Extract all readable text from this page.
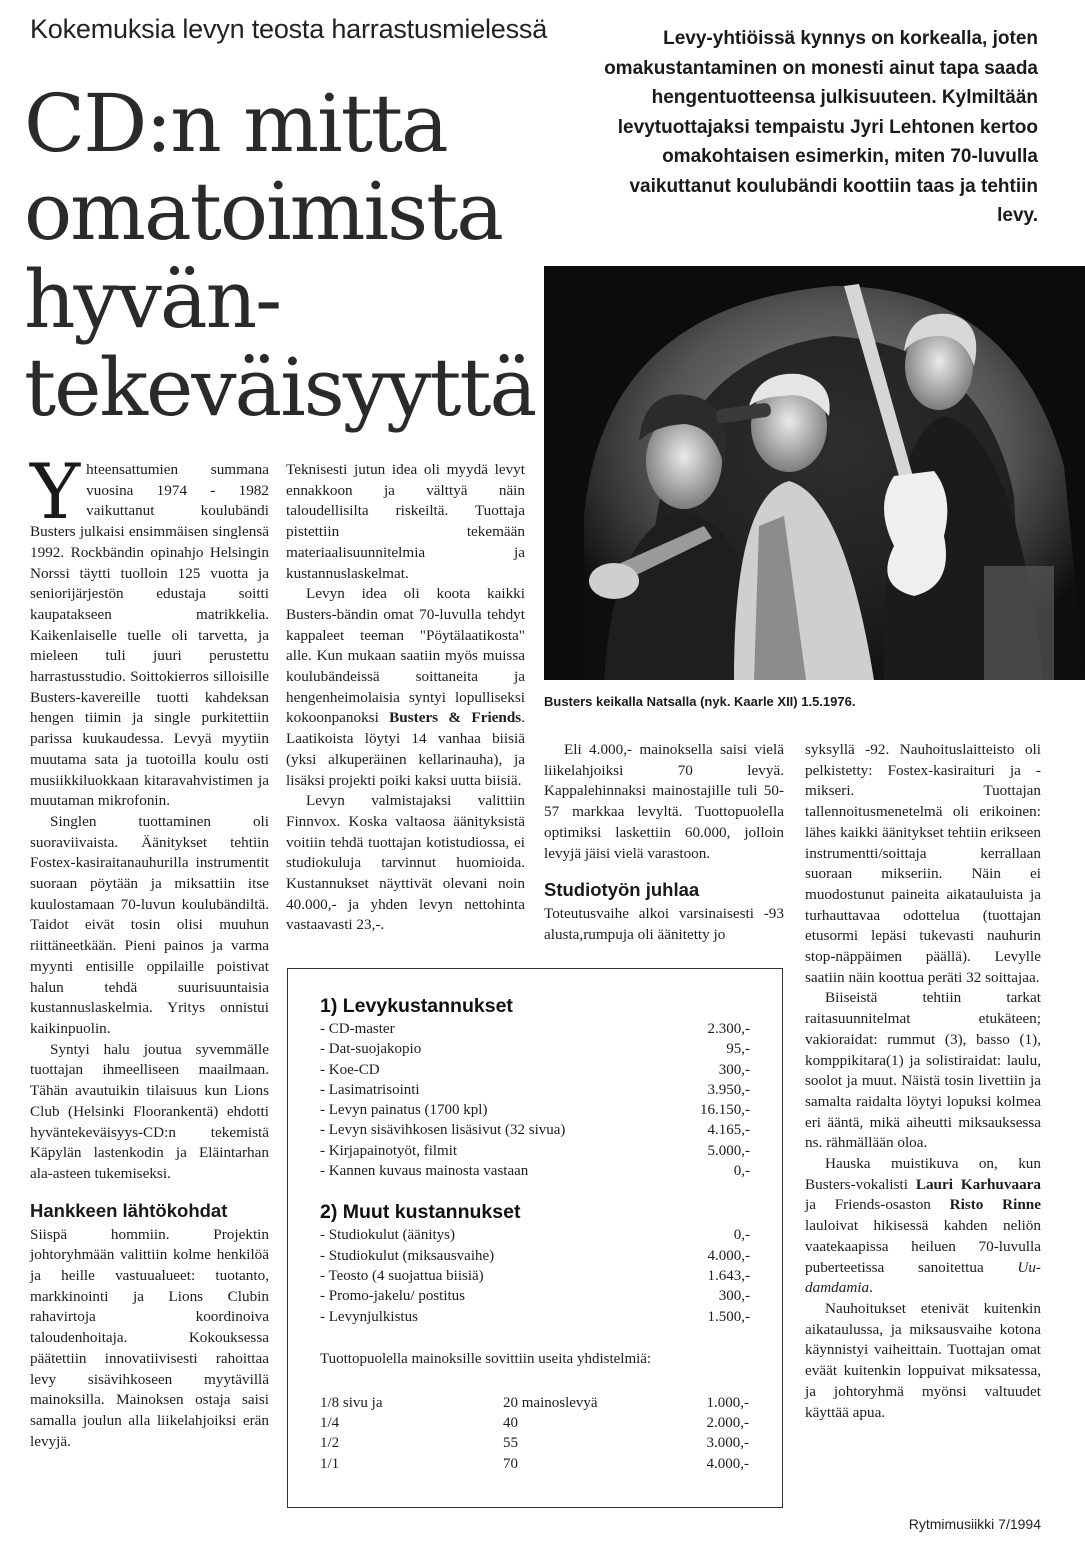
Kokemuksia levyn teosta harrastusmielessä
CD:n mitta
omatoimista
hyvän-
tekeväisyyttä
Levy-yhtiöissä kynnys on korkealla, joten omakustantaminen on monesti ainut tapa saada hengentuotteensa julkisuuteen. Kylmiltään levytuottajaksi tempaistu Jyri Lehtonen kertoo omakohtaisen esimerkin, miten 70-luvulla vaikuttanut koulubändi koottiin taas ja tehtiin levy.
Busters keikalla Natsalla (nyk. Kaarle XII) 1.5.1976.

Yhteensattumien summana vuosina 1974 - 1982 vaikuttanut koulubändi Busters julkaisi ensimmäisen singlensä 1992. Rockbändin opinahjo Helsingin Norssi täytti tuolloin 125 vuotta ja seniorijärjestön edustaja soitti kaupatakseen matrikkelia. Kaikenlaiselle tuelle oli tarvetta, ja mieleen tuli juuri perustettu harrastusstudio. Soittokierros silloisille Busters-kavereille tuotti kahdeksan hengen tiimin ja single purkitettiin parissa kuukaudessa. Levyä myytiin muutama sata ja tuotoilla koulu osti musiikkiluokkaan kitaravahvistimen ja muutaman mikrofonin.

Singlen tuottaminen oli suoraviivaista. Äänitykset tehtiin Fostex-kasiraitanauhurilla instrumentit suoraan pöytään ja miksattiin itse kuulostamaan 70-luvun koulubändiltä. Taidot eivät tosin olisi muuhun riittäneetkään. Pieni painos ja varma myynti entisille oppilaille poistivat halun tehdä suurisuuntaisia kustannuslaskelmia. Yritys onnistui kaikinpuolin.

Syntyi halu joutua syvemmälle tuottajan ihmeelliseen maailmaan. Tähän avautuikin tilaisuus kun Lions Club (Helsinki Floorankentä) ehdotti hyväntekeväisyys-CD:n tekemistä Käpylän lastenkodin ja Eläintarhan ala-asteen tukemiseksi.

Hankkeen lähtökohdat

Siispä hommiin. Projektin johtoryhmään valittiin kolme henkilöä ja heille vastuualueet: tuotanto, markkinointi ja Lions Clubin rahavirtoja koordinoiva taloudenhoitaja. Kokouksessa päätettiin innovatiivisesti rahoittaa levy sisävihkoseen myytävillä mainoksilla. Mainoksen ostaja saisi samalla joulun alla liikelahjoiksi erän levyjä.

Teknisesti jutun idea oli myydä levyt ennakkoon ja välttyä näin taloudellisilta riskeiltä. Tuottaja pistettiin tekemään materiaalisuunnitelmia ja kustannuslaskelmat.

Levyn idea oli koota kaikki Busters-bändin omat 70-luvulla tehdyt kappaleet teeman "Pöytälaatikosta" alle. Kun mukaan saatiin myös muissa koulubändeissä soittaneita ja hengenheimolaisia syntyi lopulliseksi kokoonpanoksi Busters & Friends. Laatikoista löytyi 14 vanhaa biisiä (yksi alkuperäinen kellarinauha), ja lisäksi projekti poiki kaksi uutta biisiä.

Levyn valmistajaksi valittiin Finnvox. Koska valtaosa äänityksistä voitiin tehdä tuottajan kotistudiossa, ei studiokuluja tarvinnut huomioida. Kustannukset näyttivät olevani noin 40.000,- ja yhden levyn nettohinta vastaavasti 23,-.

Eli 4.000,- mainoksella saisi vielä liikelahjoiksi 70 levyä. Kappalehinnaksi mainostajille tuli 50-57 markkaa levyltä. Tuottopuolella optimiksi laskettiin 60.000, jolloin levyjä jäisi vielä varastoon.

Studiotyön juhlaa

Toteutusvaihe alkoi varsinaisesti -93 alusta,rumpuja oli äänitetty jo

syksyllä -92. Nauhoituslaitteisto oli pelkistetty: Fostex-kasiraituri ja -mikseri. Tuottajan tallennoitusmenetelmä oli erikoinen: lähes kaikki äänitykset tehtiin erikseen instrumentti/soittaja kerrallaan suoraan mikseriin. Näin ei muodostunut paineita aikatauluista ja turhauttavaa odottelua (tuottajan etusormi lepäsi tukevasti nauhurin stop-näppäimen päällä). Levylle saatiin näin koottua peräti 32 soittajaa.

Biiseistä tehtiin tarkat raitasuunnitelmat etukäteen; vakioraidat: rummut (3), basso (1), komppikitara(1) ja solistiraidat: laulu, soolot ja muut. Näistä tosin livettiin ja samalta raidalta löytyi lopuksi kolmea eri ääntä, mikä aiheutti miksauksessa ns. rähmällään oloa.

Hauska muistikuva on, kun Busters-vokalisti Lauri Karhuvaara ja Friends-osaston Risto Rinne lauloivat hikisessä kahden neliön vaatekaapissa heiluen 70-luvulla puberteetissa sanoitettua Uu-damdamia.

Nauhoitukset etenivät kuitenkin aikataulussa, ja miksausvaihe kotona käynnistyi vaiheittain. Tuottajan omat eväät kuitenkin loppuivat miksatessa, ja johtoryhmä myönsi valtuudet käyttää apua.

1) Levykustannukset
- CD-master	2.300,-
- Dat-suojakopio	95,-
- Koe-CD	300,-
- Lasimatrisointi	3.950,-
- Levyn painatus (1700 kpl)	16.150,-
- Levyn sisävihkosen lisäsivut (32 sivua)	4.165,-
- Kirjapainotyöt, filmit	5.000,-
- Kannen kuvaus mainosta vastaan	0,-
2) Muut kustannukset
- Studiokulut (äänitys)	0,-
- Studiokulut (miksausvaihe)	4.000,-
- Teosto (4 suojattua biisiä)	1.643,-
- Promo-jakelu/ postitus	300,-
- Levynjulkistus	1.500,-
Tuottopuolella mainoksille sovittiin useita yhdistelmiä:
1/8 sivu ja	20 mainoslevyä	1.000,-
1/4	40	2.000,-
1/2	55	3.000,-
1/1	70	4.000,-
Rytmimusiikki 7/1994
